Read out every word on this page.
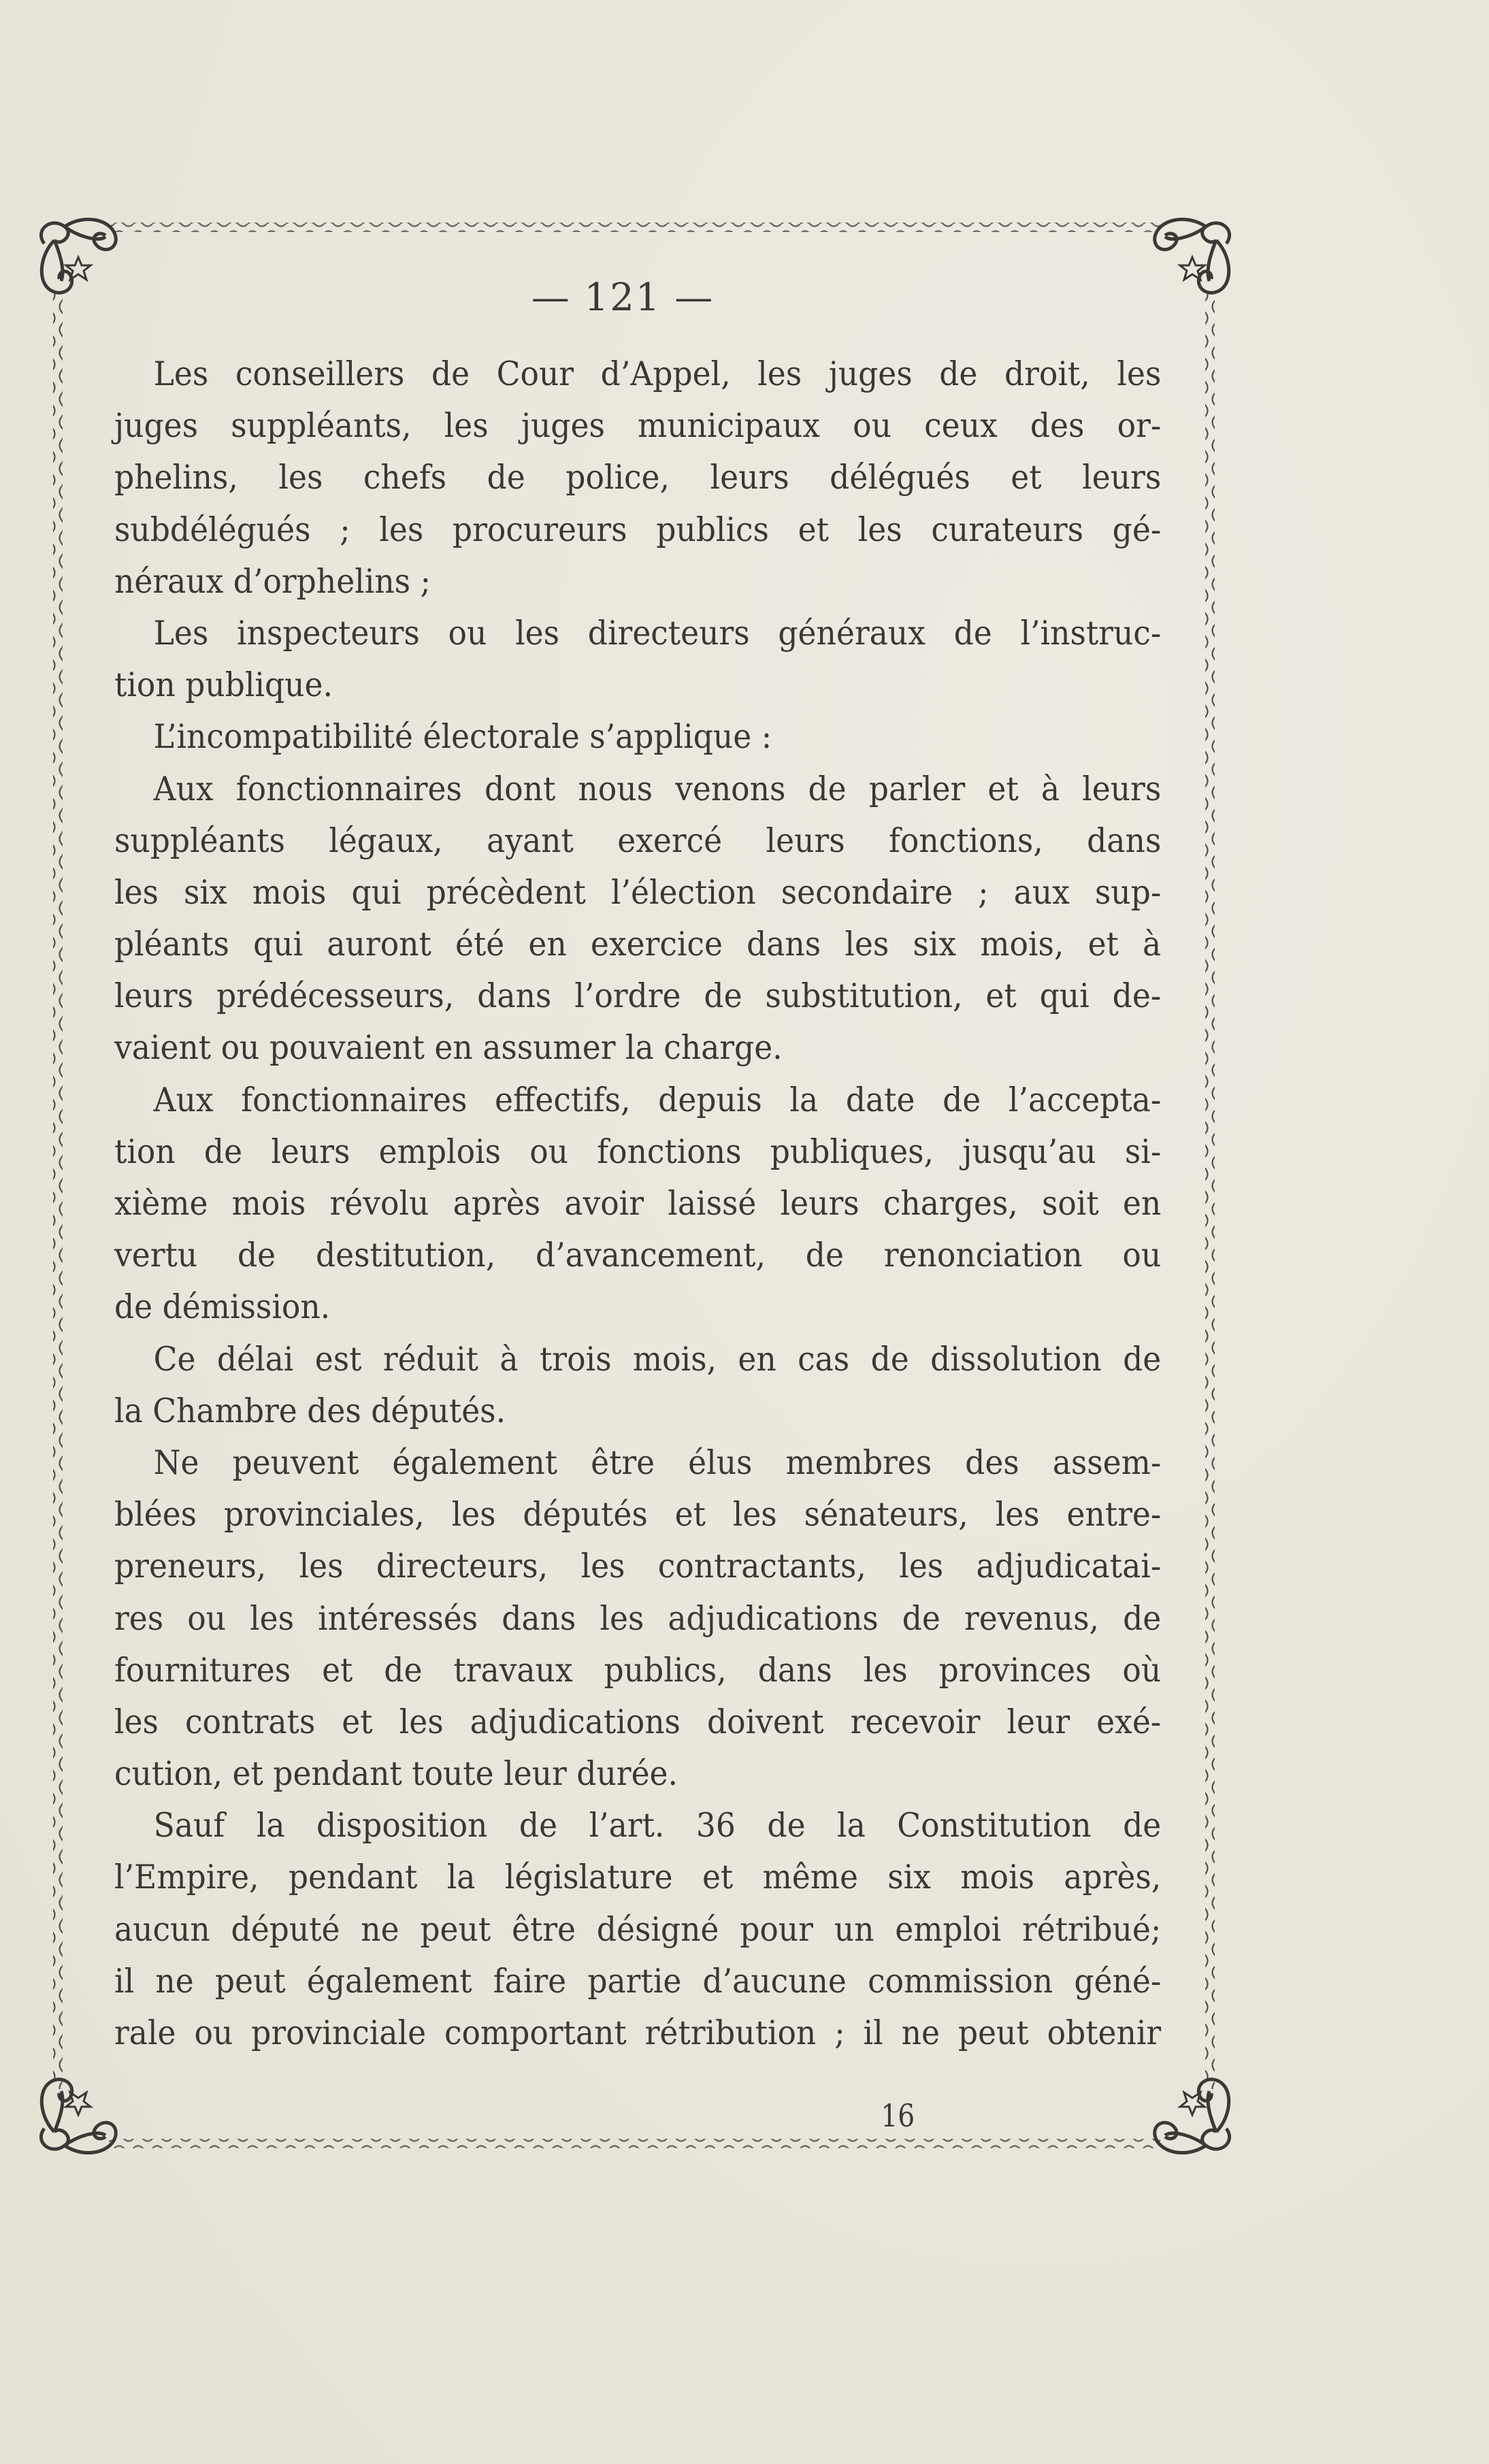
— 121 —
Les conseillers de Cour d’Appel, les juges de droit, les
juges suppléants, les juges municipaux ou ceux des or-
phelins, les chefs de police, leurs délégués et leurs
subdélégués ; les procureurs publics et les curateurs gé-
néraux d’orphelins ;
Les inspecteurs ou les directeurs généraux de l’instruc-
tion publique.
L’incompatibilité électorale s’applique :
Aux fonctionnaires dont nous venons de parler et à leurs
suppléants légaux, ayant exercé leurs fonctions, dans
les six mois qui précèdent l’élection secondaire ; aux sup-
pléants qui auront été en exercice dans les six mois, et à
leurs prédécesseurs, dans l’ordre de substitution, et qui de-
vaient ou pouvaient en assumer la charge.
Aux fonctionnaires effectifs, depuis la date de l’accepta-
tion de leurs emplois ou fonctions publiques, jusqu’au si-
xième mois révolu après avoir laissé leurs charges, soit en
vertu de destitution, d’avancement, de renonciation ou
de démission.
Ce délai est réduit à trois mois, en cas de dissolution de
la Chambre des députés.
Ne peuvent également être élus membres des assem-
blées provinciales, les députés et les sénateurs, les entre-
preneurs, les directeurs, les contractants, les adjudicatai-
res ou les intéressés dans les adjudications de revenus, de
fournitures et de travaux publics, dans les provinces où
les contrats et les adjudications doivent recevoir leur exé-
cution, et pendant toute leur durée.
Sauf la disposition de l’art. 36 de la Constitution de
l’Empire, pendant la législature et même six mois après,
aucun député ne peut être désigné pour un emploi rétribué;
il ne peut également faire partie d’aucune commission géné-
rale ou provinciale comportant rétribution ; il ne peut obtenir
16
